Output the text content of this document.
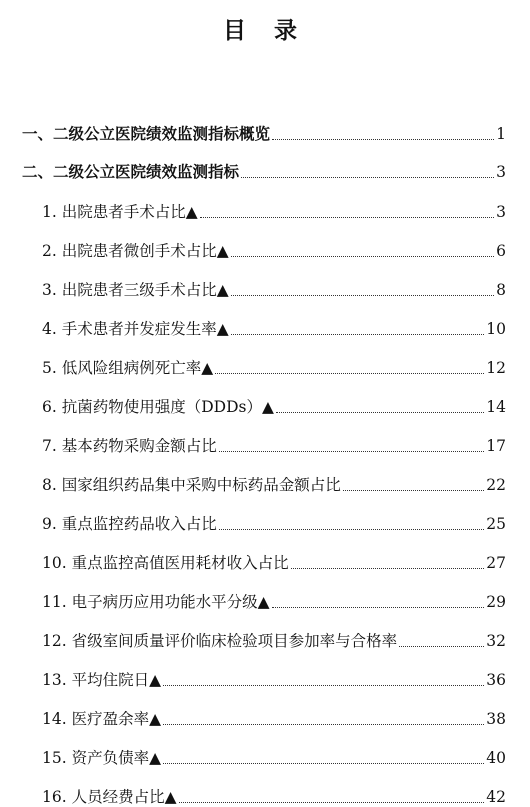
目 录
一、二级公立医院绩效监测指标概览	1
二、二级公立医院绩效监测指标	3
1. 出院患者手术占比▲	3
2. 出院患者微创手术占比▲	6
3. 出院患者三级手术占比▲	8
4. 手术患者并发症发生率▲	10
5. 低风险组病例死亡率▲	12
6. 抗菌药物使用强度（DDDs）▲	14
7. 基本药物采购金额占比	17
8. 国家组织药品集中采购中标药品金额占比	22
9. 重点监控药品收入占比	25
10. 重点监控高值医用耗材收入占比	27
11. 电子病历应用功能水平分级▲	29
12. 省级室间质量评价临床检验项目参加率与合格率	32
13. 平均住院日▲	36
14. 医疗盈余率▲	38
15. 资产负债率▲	40
16. 人员经费占比▲	42
